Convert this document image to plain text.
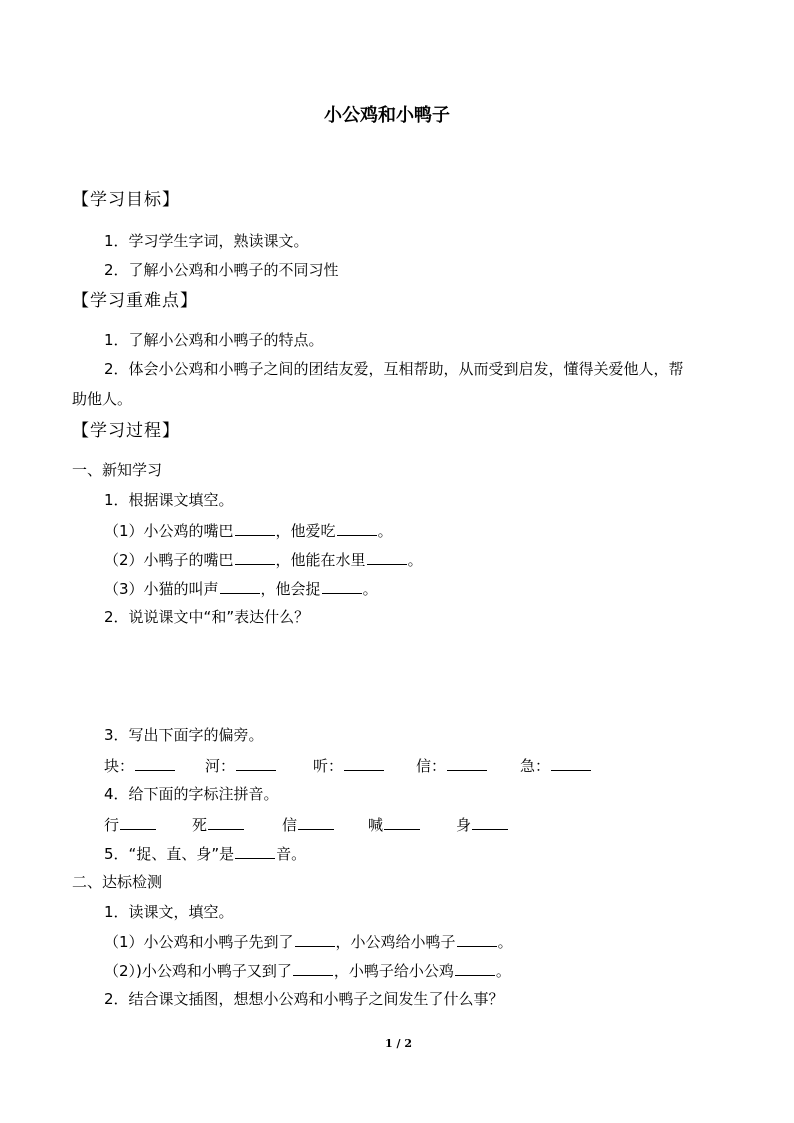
小公鸡和小鸭子
【学习目标】
1．学习学生字词，熟读课文。
2．了解小公鸡和小鸭子的不同习性
【学习重难点】
1．了解小公鸡和小鸭子的特点。
2．体会小公鸡和小鸭子之间的团结友爱，互相帮助，从而受到启发，懂得关爱他人，帮
助他人。
【学习过程】
一、新知学习
1．根据课文填空。
（1）小公鸡的嘴巴	，他爱吃	。
（2）小鸭子的嘴巴	，他能在水里	。
（3）小猫的叫声	，他会捉	。
2．说说课文中“和”表达什么？
3．写出下面字的偏旁。
块：	河：	听：	信：	急：
4．给下面的字标注拼音。
行	死	信	喊	身
5．“捉、直、身”是	音。
二、达标检测
1．读课文，填空。
（1）小公鸡和小鸭子先到了	，小公鸡给小鸭子	。
（2）)小公鸡和小鸭子又到了	，小鸭子给小公鸡	。
2．结合课文插图，想想小公鸡和小鸭子之间发生了什么事？
1 / 2
